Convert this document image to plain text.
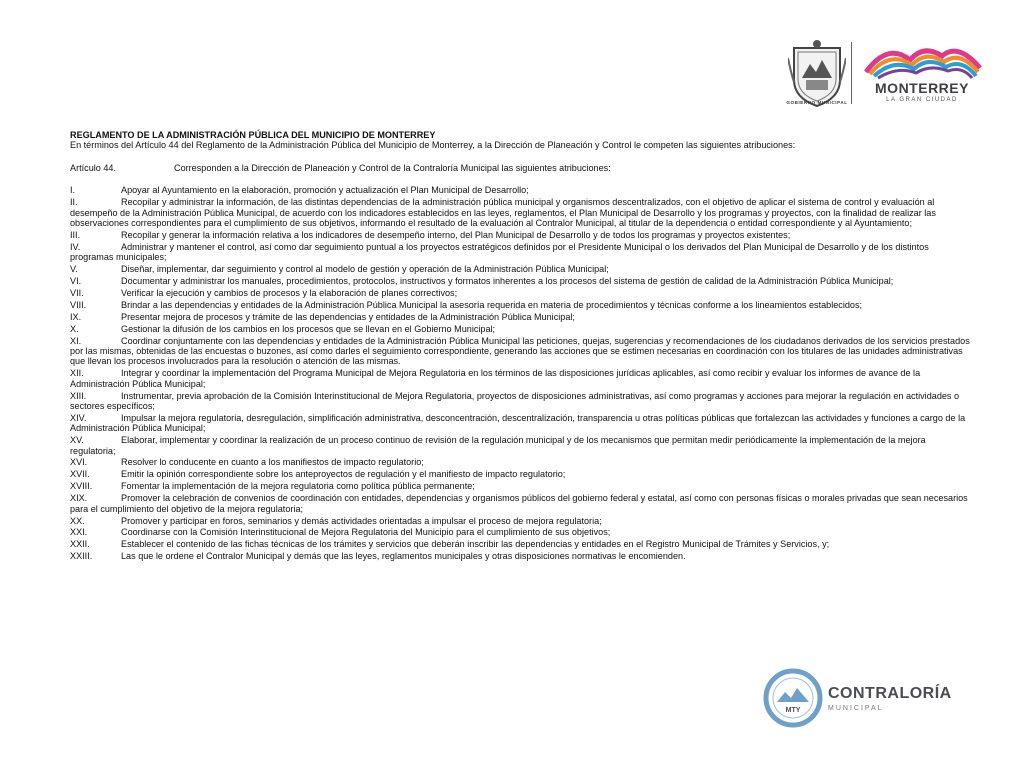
GOBIERNO MUNICIPAL
MONTERREY
LA GRAN CIUDAD

REGLAMENTO DE LA ADMINISTRACIÓN PÚBLICA DEL MUNICIPIO DE MONTERREY

En términos del Artículo 44 del Reglamento de la Administración Pública del Municipio de Monterrey, a la Dirección de Planeación y Control le competen las siguientes atribuciones:

Artículo 44.	Corresponden a la Dirección de Planeación y Control de la Contraloría Municipal las siguientes atribuciones:
I.	Apoyar al Ayuntamiento en la elaboración, promoción y actualización el Plan Municipal de Desarrollo;
II.	Recopilar y administrar la información, de las distintas dependencias de la administración pública municipal y organismos descentralizados, con el objetivo de aplicar el sistema de control y evaluación al desempeño de la Administración Pública Municipal, de acuerdo con los indicadores establecidos en las leyes, reglamentos, el Plan Municipal de Desarrollo y los programas y proyectos, con la finalidad de realizar las observaciones correspondientes para el cumplimiento de sus objetivos, informando el resultado de la evaluación al Contralor Municipal, al titular de la dependencia o entidad correspondiente y al Ayuntamiento;
III.	Recopilar y generar la información relativa a los indicadores de desempeño interno, del Plan Municipal de Desarrollo y de todos los programas y proyectos existentes;
IV.	Administrar y mantener el control, así como dar seguimiento puntual a los proyectos estratégicos definidos por el Presidente Municipal o los derivados del Plan Municipal de Desarrollo y de los distintos programas municipales;
V.	Diseñar, implementar, dar seguimiento y control al modelo de gestión y operación de la Administración Pública Municipal;
VI.	Documentar y administrar los manuales, procedimientos, protocolos, instructivos y formatos inherentes a los procesos del sistema de gestión de calidad de la Administración Pública Municipal;
VII.	Verificar la ejecución y cambios de procesos y la elaboración de planes correctivos;
VIII.	Brindar a las dependencias y entidades de la Administración Pública Municipal la asesoría requerida en materia de procedimientos y técnicas conforme a los lineamientos establecidos;
IX.	Presentar mejora de procesos y trámite de las dependencias y entidades de la Administración Pública Municipal;
X.	Gestionar la difusión de los cambios en los procesos que se llevan en el Gobierno Municipal;
XI.	Coordinar conjuntamente con las dependencias y entidades de la Administración Pública Municipal las peticiones, quejas, sugerencias y recomendaciones de los ciudadanos derivados de los servicios prestados por las mismas, obtenidas de las encuestas o buzones, así como darles el seguimiento correspondiente, generando las acciones que se estimen necesarias en coordinación con los titulares de las unidades administrativas que llevan los procesos involucrados para la resolución o atención de las mismas.
XII.	Integrar y coordinar la implementación del Programa Municipal de Mejora Regulatoria en los términos de las disposiciones jurídicas aplicables, así como recibir y evaluar los informes de avance de la Administración Pública Municipal;
XIII.	Instrumentar, previa aprobación de la Comisión Interinstitucional de Mejora Regulatoria, proyectos de disposiciones administrativas, así como programas y acciones para mejorar la regulación en actividades o sectores específicos;
XIV.	Impulsar la mejora regulatoria, desregulación, simplificación administrativa, desconcentración, descentralización, transparencia u otras políticas públicas que fortalezcan las actividades y funciones a cargo de la Administración Pública Municipal;
XV.	Elaborar, implementar y coordinar la realización de un proceso continuo de revisión de la regulación municipal y de los mecanismos que permitan medir periódicamente la implementación de la mejora regulatoria;
XVI.	Resolver lo conducente en cuanto a los manifiestos de impacto regulatorio;
XVII.	Emitir la opinión correspondiente sobre los anteproyectos de regulación y el manifiesto de impacto regulatorio;
XVIII.	Fomentar la implementación de la mejora regulatoria como política pública permanente;
XIX.	Promover la celebración de convenios de coordinación con entidades, dependencias y organismos públicos del gobierno federal y estatal, así como con personas físicas o morales privadas que sean necesarios para el cumplimiento del objetivo de la mejora regulatoria;
XX.	Promover y participar en foros, seminarios y demás actividades orientadas a impulsar el proceso de mejora regulatoria;
XXI.	Coordinarse con la Comisión Interinstitucional de Mejora Regulatoria del Municipio para el cumplimiento de sus objetivos;
XXII.	Establecer el contenido de las fichas técnicas de los trámites y servicios que deberán inscribir las dependencias y entidades en el Registro Municipal de Trámites y Servicios, y;
XXIII.	Las que le ordene el Contralor Municipal y demás que las leyes, reglamentos municipales y otras disposiciones normativas le encomienden.
MTY
CONTRALORÍA
MUNICIPAL
